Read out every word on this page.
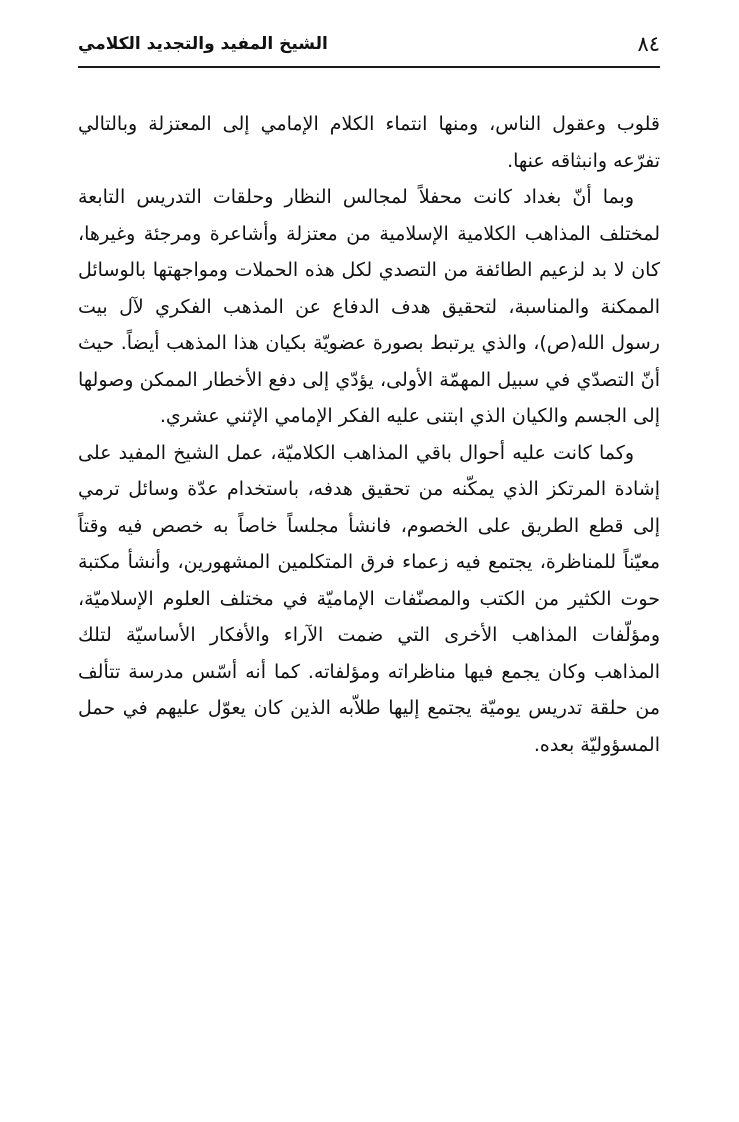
الشيخ المفيد والتجديد الكلامي	٨٤

قلوب وعقول الناس، ومنها انتماء الكلام الإمامي إلى المعتزلة وبالتالي تفرّعه وانبثاقه عنها.

وبما أنّ بغداد كانت محفلاً لمجالس النظار وحلقات التدريس التابعة لمختلف المذاهب الكلامية الإسلامية من معتزلة وأشاعرة ومرجئة وغيرها، كان لا بد لزعيم الطائفة من التصدي لكل هذه الحملات ومواجهتها بالوسائل الممكنة والمناسبة، لتحقيق هدف الدفاع عن المذهب الفكري لآل بيت رسول الله(ص)، والذي يرتبط بصورة عضويّة بكيان هذا المذهب أيضاً. حيث أنّ التصدّي في سبيل المهمّة الأولى، يؤدّي إلى دفع الأخطار الممكن وصولها إلى الجسم والكيان الذي ابتنى عليه الفكر الإمامي الإثني عشري.

وكما كانت عليه أحوال باقي المذاهب الكلاميّة، عمل الشيخ المفيد على إشادة المرتكز الذي يمكّنه من تحقيق هدفه، باستخدام عدّة وسائل ترمي إلى قطع الطريق على الخصوم، فانشأ مجلساً خاصاً به خصص فيه وقتاً معيّناً للمناظرة، يجتمع فيه زعماء فرق المتكلمين المشهورين، وأنشأ مكتبة حوت الكثير من الكتب والمصنّفات الإماميّة في مختلف العلوم الإسلاميّة، ومؤلّفات المذاهب الأخرى التي ضمت الآراء والأفكار الأساسيّة لتلك المذاهب وكان يجمع فيها مناظراته ومؤلفاته. كما أنه أسّس مدرسة تتألف من حلقة تدريس يوميّة يجتمع إليها طلاّبه الذين كان يعوّل عليهم في حمل المسؤوليّة بعده.
